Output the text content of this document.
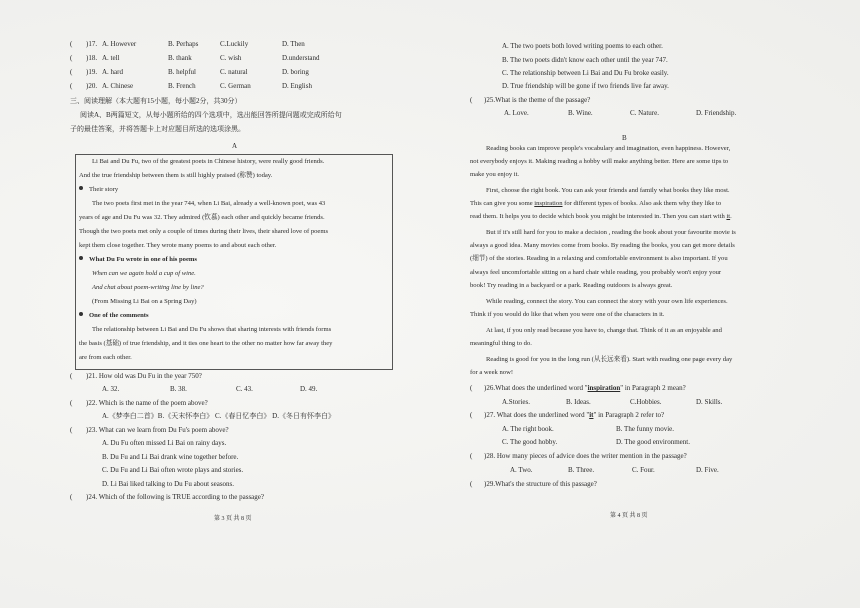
( )17. A. However	B. Perhaps	C.Luckily	D. Then
( )18. A. tell	B. thank	C. wish	D.understand
( )19. A. hard	B. helpful	C. natural	D. boring
( )20. A. Chinese	B. French	C. German	D. English
三、阅读理解（本大题有15小题，每小题2分，共30分）
阅读A、B两篇短文，从每小题所给的四个选项中，选出能回答所提问题或完成所给句
子的最佳答案，并将答题卡上对应题目所选的选项涂黑。
A
Li Bai and Du Fu, two of the greatest poets in Chinese history, were really good friends.
And the true friendship between them is still highly praised (称赞) today.
Their story
The two poets first met in the year 744, when Li Bai, already a well-known poet, was 43
years of age and Du Fu was 32. They admired (钦慕) each other and quickly became friends.
Though the two poets met only a couple of times during their lives, their shared love of poems
kept them close together. They wrote many poems to and about each other.
What Du Fu wrote in one of his poems
When can we again hold a cup of wine.
And chat about poem-writing line by line?
(From Missing Li Bai on a Spring Day)
One of the comments
The relationship between Li Bai and Du Fu shows that sharing interests with friends forms
the basis (基础) of true friendship, and it ties one heart to the other no matter how far away they
are from each other.
( )21. How old was Du Fu in the year 750?
A. 32.	B. 38.	C. 43.	D. 49.
( )22. Which is the name of the poem above?
A.《梦李白二首》B.《天末怀李白》 C.《春日忆李白》 D.《冬日有怀李白》
( )23. What can we learn from Du Fu's poem above?
A. Du Fu often missed Li Bai on rainy days.
B. Du Fu and Li Bai drank wine together before.
C. Du Fu and Li Bai often wrote plays and stories.
D. Li Bai liked talking to Du Fu about seasons.
( )24. Which of the following is TRUE according to the passage?
第 3 页 共 8 页
A. The two poets both loved writing poems to each other.
B. The two poets didn't know each other until the year 747.
C. The relationship between Li Bai and Du Fu broke easily.
D. True friendship will be gone if two friends live far away.
( )25.What is the theme of the passage?
A. Love.	B. Wine.	C. Nature.	D. Friendship.
B
Reading books can improve people's vocabulary and imagination, even happiness. However,
not everybody enjoys it. Making reading a hobby will make anything better. Here are some tips to
make you enjoy it.
First, choose the right book. You can ask your friends and family what books they like most.
This can give you some inspiration for different types of books. Also ask them why they like to
read them. It helps you to decide which book you might be interested in. Then you can start with it.
But if it's still hard for you to make a decision , reading the book about your favourite movie is
always a good idea. Many movies come from books. By reading the books, you can get more details
(细节) of the stories. Reading in a relaxing and comfortable environment is also important. If you
always feel uncomfortable sitting on a hard chair while reading, you probably won't enjoy your
book! Try reading in a backyard or a park. Reading outdoors is always great.
While reading, connect the story. You can connect the story with your own life experiences.
Think if you would do like that when you were one of the characters in it.
At last, if you only read because you have to, change that. Think of it as an enjoyable and
meaningful thing to do.
Reading is good for you in the long run (从长远来看). Start with reading one page every day
for a week now!
( )26.What does the underlined word "inspiration" in Paragraph 2 mean?
A.Stories.	B. Ideas.	C.Hobbies.	D. Skills.
( )27. What does the underlined word "it" in Paragraph 2 refer to?
A. The right book.	B. The funny movie.
C. The good hobby.	D. The good environment.
( )28. How many pieces of advice does the writer mention in the passage?
A. Two.	B. Three.	C. Four.	D. Five.
( )29.What's the structure of this passage?
第 4 页 共 8 页
